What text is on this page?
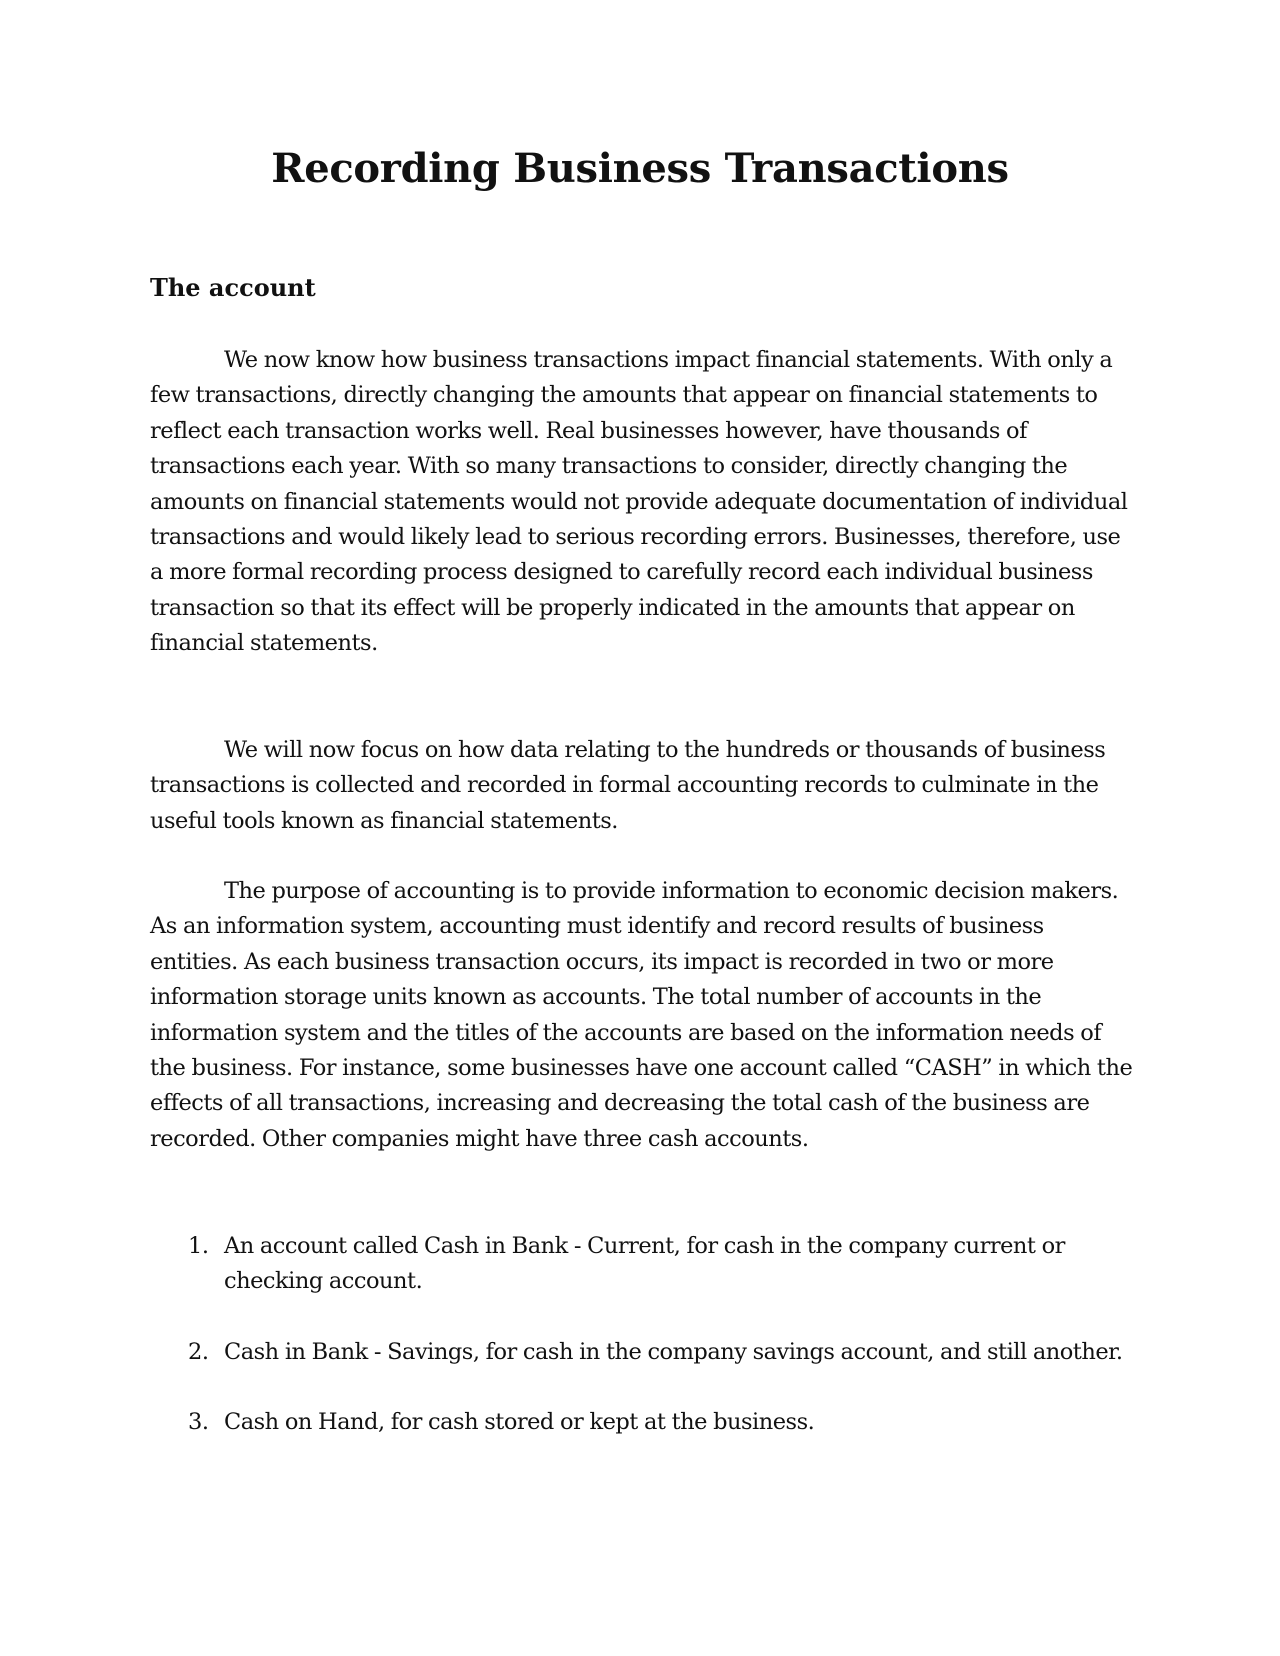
Recording Business Transactions
The account

We now know how business transactions impact financial statements. With only a few transactions, directly changing the amounts that appear on financial statements to reflect each transaction works well. Real businesses however, have thousands of transactions each year. With so many transactions to consider, directly changing the amounts on financial statements would not provide adequate documentation of individual transactions and would likely lead to serious recording errors. Businesses, therefore, use a more formal recording process designed to carefully record each individual business transaction so that its effect will be properly indicated in the amounts that appear on financial statements.

We will now focus on how data relating to the hundreds or thousands of business transactions is collected and recorded in formal accounting records to culminate in the useful tools known as financial statements.

The purpose of accounting is to provide information to economic decision makers. As an information system, accounting must identify and record results of business entities. As each business transaction occurs, its impact is recorded in two or more information storage units known as accounts. The total number of accounts in the information system and the titles of the accounts are based on the information needs of the business. For instance, some businesses have one account called “CASH” in which the effects of all transactions, increasing and decreasing the total cash of the business are recorded. Other companies might have three cash accounts.

1. An account called Cash in Bank - Current, for cash in the company current or checking account.
2. Cash in Bank - Savings, for cash in the company savings account, and still another.
3. Cash on Hand, for cash stored or kept at the business.
